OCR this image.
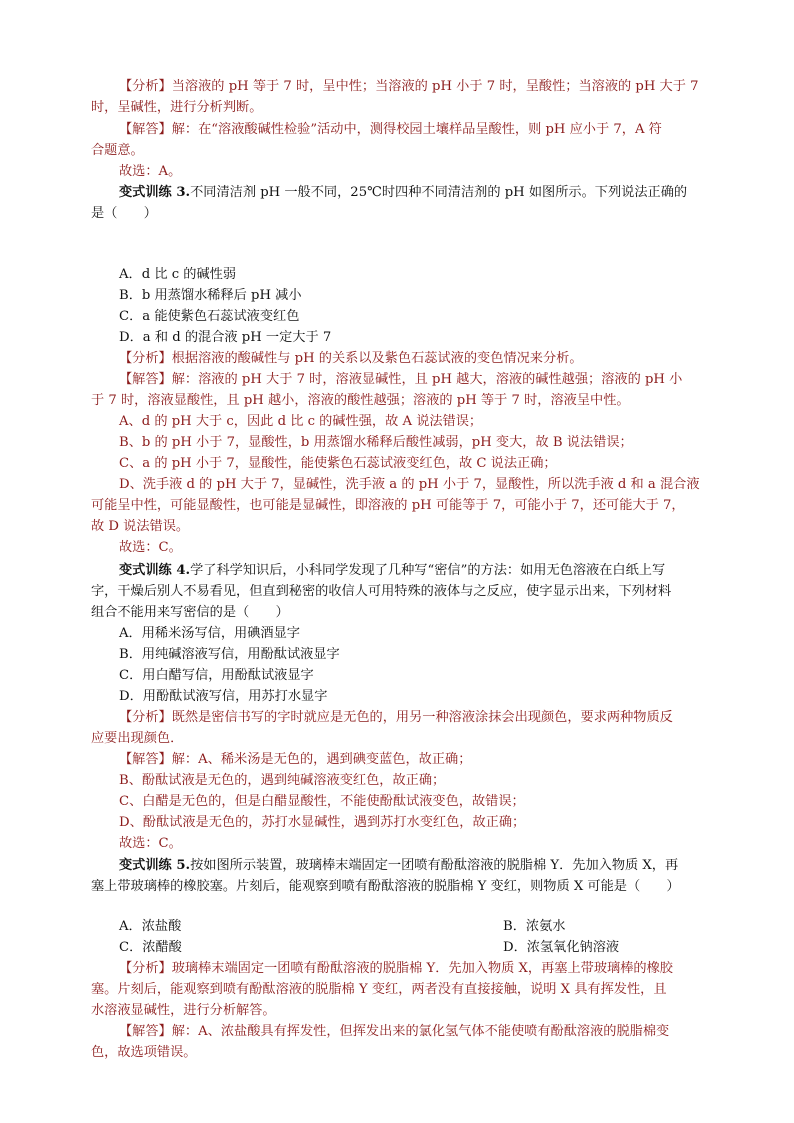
【分析】当溶液的 pH 等于 7 时，呈中性；当溶液的 pH 小于 7 时，呈酸性；当溶液的 pH 大于 7
时，呈碱性，进行分析判断。
【解答】解：在“溶液酸碱性检验”活动中，测得校园土壤样品呈酸性，则 pH 应小于 7，A 符
合题意。
故选：A。
变式训练 3.不同清洁剂 pH 一般不同，25℃时四种不同清洁剂的 pH 如图所示。下列说法正确的
是（　　）
A．d 比 c 的碱性弱
B．b 用蒸馏水稀释后 pH 减小
C．a 能使紫色石蕊试液变红色
D．a 和 d 的混合液 pH 一定大于 7
【分析】根据溶液的酸碱性与 pH 的关系以及紫色石蕊试液的变色情况来分析。
【解答】解：溶液的 pH 大于 7 时，溶液显碱性，且 pH 越大，溶液的碱性越强；溶液的 pH 小
于 7 时，溶液显酸性，且 pH 越小，溶液的酸性越强；溶液的 pH 等于 7 时，溶液呈中性。
A、d 的 pH 大于 c，因此 d 比 c 的碱性强，故 A 说法错误；
B、b 的 pH 小于 7，显酸性，b 用蒸馏水稀释后酸性减弱，pH 变大，故 B 说法错误；
C、a 的 pH 小于 7，显酸性，能使紫色石蕊试液变红色，故 C 说法正确；
D、洗手液 d 的 pH 大于 7，显碱性，洗手液 a 的 pH 小于 7，显酸性，所以洗手液 d 和 a 混合液
可能呈中性，可能显酸性，也可能是显碱性，即溶液的 pH 可能等于 7，可能小于 7，还可能大于 7，
故 D 说法错误。
故选：C。
变式训练 4.学了科学知识后，小科同学发现了几种写“密信”的方法：如用无色溶液在白纸上写
字，干燥后别人不易看见，但直到秘密的收信人可用特殊的液体与之反应，使字显示出来，下列材料
组合不能用来写密信的是（　　）
A．用稀米汤写信，用碘酒显字
B．用纯碱溶液写信，用酚酞试液显字
C．用白醋写信，用酚酞试液显字
D．用酚酞试液写信，用苏打水显字
【分析】既然是密信书写的字时就应是无色的，用另一种溶液涂抹会出现颜色，要求两种物质反
应要出现颜色．
【解答】解：A、稀米汤是无色的，遇到碘变蓝色，故正确；
B、酚酞试液是无色的，遇到纯碱溶液变红色，故正确；
C、白醋是无色的，但是白醋显酸性，不能使酚酞试液变色，故错误；
D、酚酞试液是无色的，苏打水显碱性，遇到苏打水变红色，故正确；
故选：C。
变式训练 5.按如图所示装置，玻璃棒末端固定一团喷有酚酞溶液的脱脂棉 Y．先加入物质 X，再
塞上带玻璃棒的橡胶塞。片刻后，能观察到喷有酚酞溶液的脱脂棉 Y 变红，则物质 X 可能是（　　）
A．浓盐酸	B．浓氨水
C．浓醋酸	D．浓氢氧化钠溶液
【分析】玻璃棒末端固定一团喷有酚酞溶液的脱脂棉 Y．先加入物质 X，再塞上带玻璃棒的橡胶
塞。片刻后，能观察到喷有酚酞溶液的脱脂棉 Y 变红，两者没有直接接触，说明 X 具有挥发性，且
水溶液显碱性，进行分析解答。
【解答】解：A、浓盐酸具有挥发性，但挥发出来的氯化氢气体不能使喷有酚酞溶液的脱脂棉变
色，故选项错误。
